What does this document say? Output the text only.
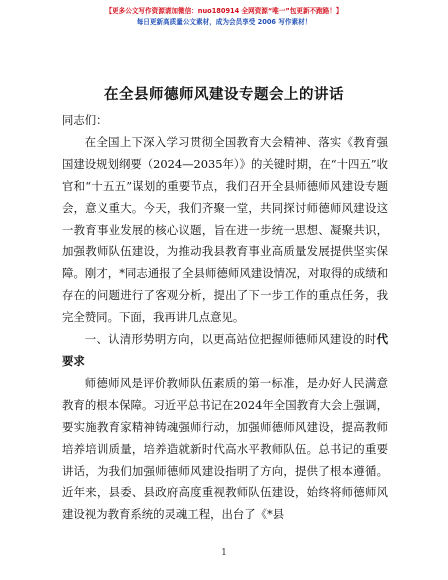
【更多公文写作资源请加微信：nuo180914 全网资源“唯一”包更新不跑路！】
每日更新高质量公文素材，成为会员享受 2006 写作素材！
在全县师德师风建设专题会上的讲话

同志们：

在全国上下深入学习贯彻全国教育大会精神、落实《教育强国建设规划纲要（2024—2035年）》的关键时期，在“十四五”收官和“十五五”谋划的重要节点，我们召开全县师德师风建设专题会，意义重大。今天，我们齐聚一堂，共同探讨师德师风建设这一教育事业发展的核心议题，旨在进一步统一思想、凝聚共识，加强教师队伍建设，为推动我县教育事业高质量发展提供坚实保障。刚才，*同志通报了全县师德师风建设情况，对取得的成绩和存在的问题进行了客观分析，提出了下一步工作的重点任务，我完全赞同。下面，我再讲几点意见。

一、认清形势明方向，以更高站位把握师德师风建设的时代要求

师德师风是评价教师队伍素质的第一标准，是办好人民满意教育的根本保障。习近平总书记在2024年全国教育大会上强调，要实施教育家精神铸魂强师行动，加强师德师风建设，提高教师培养培训质量，培养造就新时代高水平教师队伍。总书记的重要讲话，为我们加强师德师风建设指明了方向，提供了根本遵循。近年来，县委、县政府高度重视教师队伍建设，始终将师德师风建设视为教育系统的灵魂工程，出台了《*县

1
